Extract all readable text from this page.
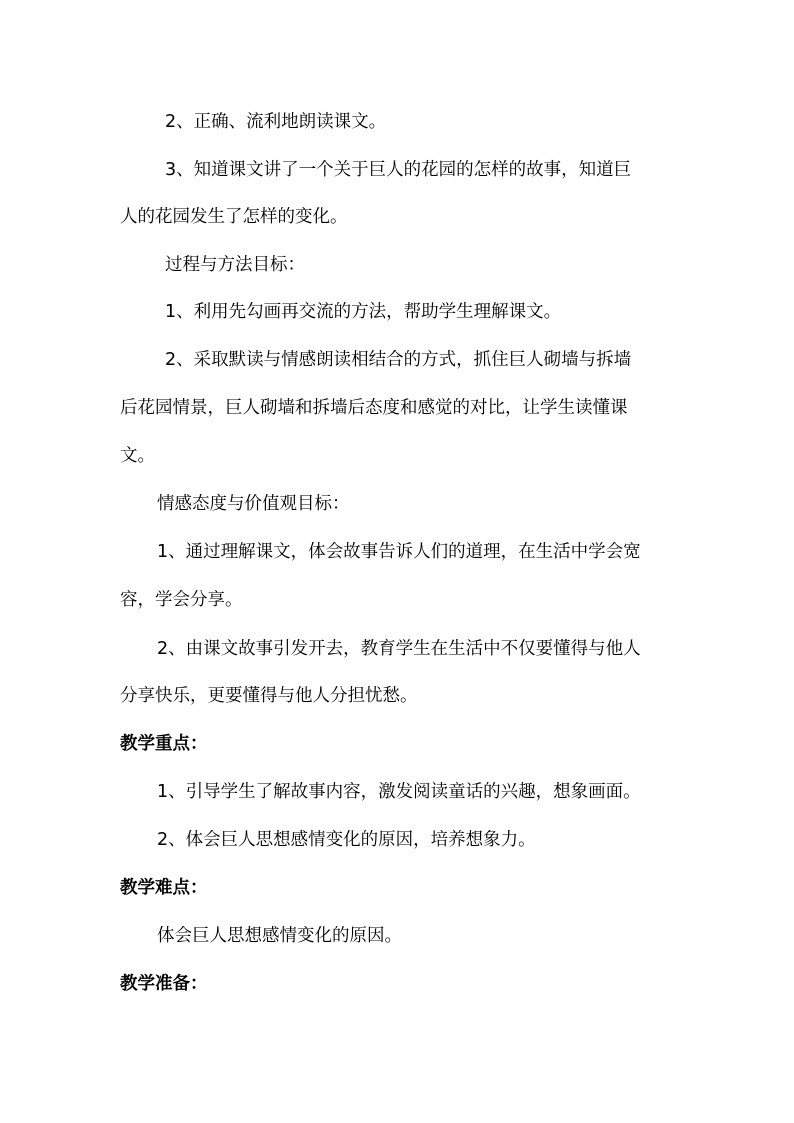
2、正确、流利地朗读课文。
3、知道课文讲了一个关于巨人的花园的怎样的故事，知道巨
人的花园发生了怎样的变化。
过程与方法目标：
1、利用先勾画再交流的方法，帮助学生理解课文。
2、采取默读与情感朗读相结合的方式，抓住巨人砌墙与拆墙
后花园情景，巨人砌墙和拆墙后态度和感觉的对比，让学生读懂课
文。
情感态度与价值观目标：
1、通过理解课文，体会故事告诉人们的道理，在生活中学会宽
容，学会分享。
2、由课文故事引发开去，教育学生在生活中不仅要懂得与他人
分享快乐，更要懂得与他人分担忧愁。
教学重点：
1、引导学生了解故事内容，激发阅读童话的兴趣，想象画面。
2、体会巨人思想感情变化的原因，培养想象力。
教学难点：
体会巨人思想感情变化的原因。
教学准备：
